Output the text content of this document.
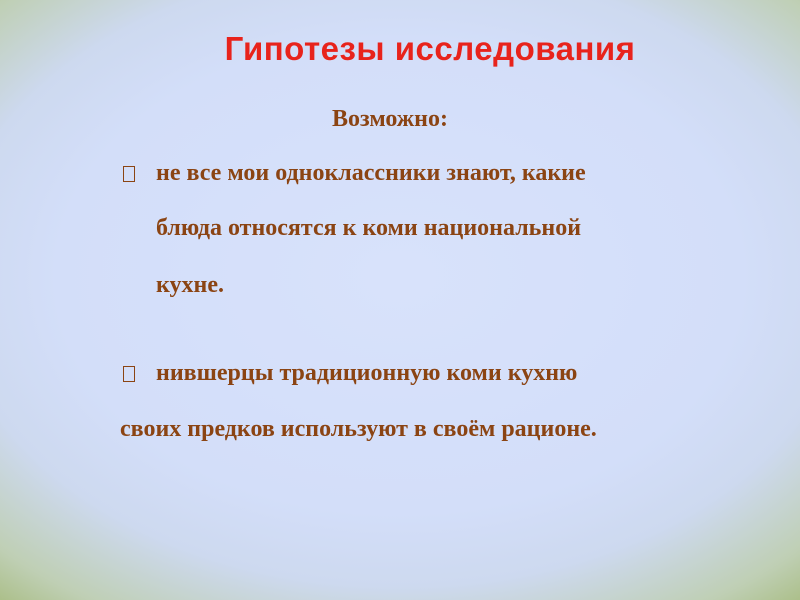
Гипотезы исследования
Возможно:
не все мои одноклассники знают, какие
блюда относятся к коми национальной
кухне.
нившерцы традиционную коми кухню
своих предков используют в своём рационе.
